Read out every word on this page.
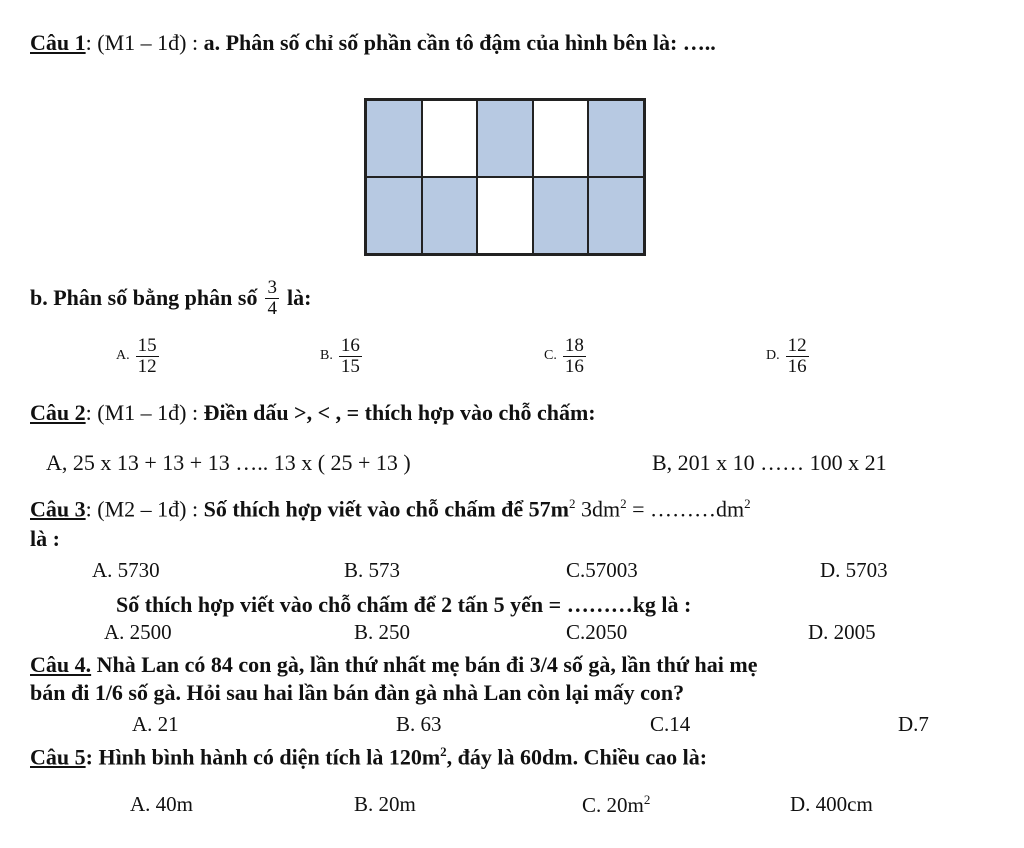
Câu 1: (M1 – 1đ) : a. Phân số chỉ số phần cần tô đậm của hình bên là: …..
b. Phân số bằng phân số $\frac{3}{4}$ là:
A. $\frac{15}{12}$	B. $\frac{16}{15}$	C. $\frac{18}{16}$	D. $\frac{12}{16}$
Câu 2: (M1 – 1đ) : Điền dấu >, < , = thích hợp vào chỗ chấm:
A, 25 x 13 + 13 + 13 ….. 13 x ( 25 + 13 )	B, 201 x 10 …… 100 x 21
Câu 3: (M2 – 1đ) : Số thích hợp viết vào chỗ chấm để $57m^2$ $3dm^2$ = $\dots\dots\dots dm^2$
là :
A. 5730	B. 573	C.57003	D. 5703
Số thích hợp viết vào chỗ chấm để 2 tấn 5 yến = ………kg là :
A. 2500	B. 250	C.2050	D. 2005
Câu 4. Nhà Lan có 84 con gà, lần thứ nhất mẹ bán đi 3/4 số gà, lần thứ hai mẹ
bán đi 1/6 số gà. Hỏi sau hai lần bán đàn gà nhà Lan còn lại mấy con?
A. 21	B. 63	C.14	D.7
Câu 5: Hình bình hành có diện tích là $120m^2$, đáy là 60dm. Chiều cao là:
A. 40m	B. 20m	C. $20m^2$	D. 400cm
